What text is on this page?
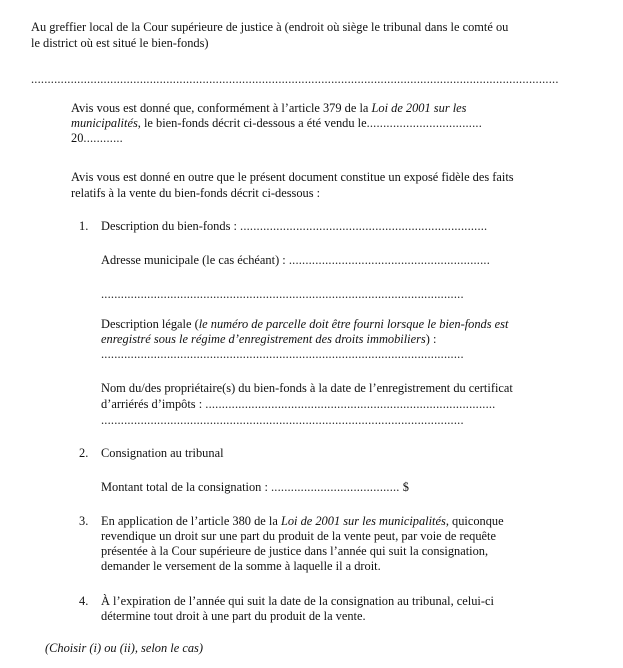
Au greffier local de la Cour supérieure de justice à (endroit où siège le tribunal dans le comté ou
le district où est situé le bien-fonds)
................................................................................................................................................................
Avis vous est donné que, conformément à l’article 379 de la Loi de 2001 sur les
municipalités, le bien-fonds décrit ci-dessous a été vendu le...................................
20............
Avis vous est donné en outre que le présent document constitue un exposé fidèle des faits
relatifs à la vente du bien-fonds décrit ci-dessous :
1. Description du bien-fonds : ...........................................................................
Adresse municipale (le cas échéant) : .............................................................
..............................................................................................................
Description légale (le numéro de parcelle doit être fourni lorsque le bien-fonds est
enregistré sous le régime d’enregistrement des droits immobiliers) :
..............................................................................................................
Nom du/des propriétaire(s) du bien-fonds à la date de l’enregistrement du certificat
d’arriérés d’impôts : ........................................................................................
..............................................................................................................
2. Consignation au tribunal
Montant total de la consignation : ....................................... $
3. En application de l’article 380 de la Loi de 2001 sur les municipalités, quiconque
revendique un droit sur une part du produit de la vente peut, par voie de requête
présentée à la Cour supérieure de justice dans l’année qui suit la consignation,
demander le versement de la somme à laquelle il a droit.
4. À l’expiration de l’année qui suit la date de la consignation au tribunal, celui-ci
détermine tout droit à une part du produit de la vente.
(Choisir (i) ou (ii), selon le cas)
